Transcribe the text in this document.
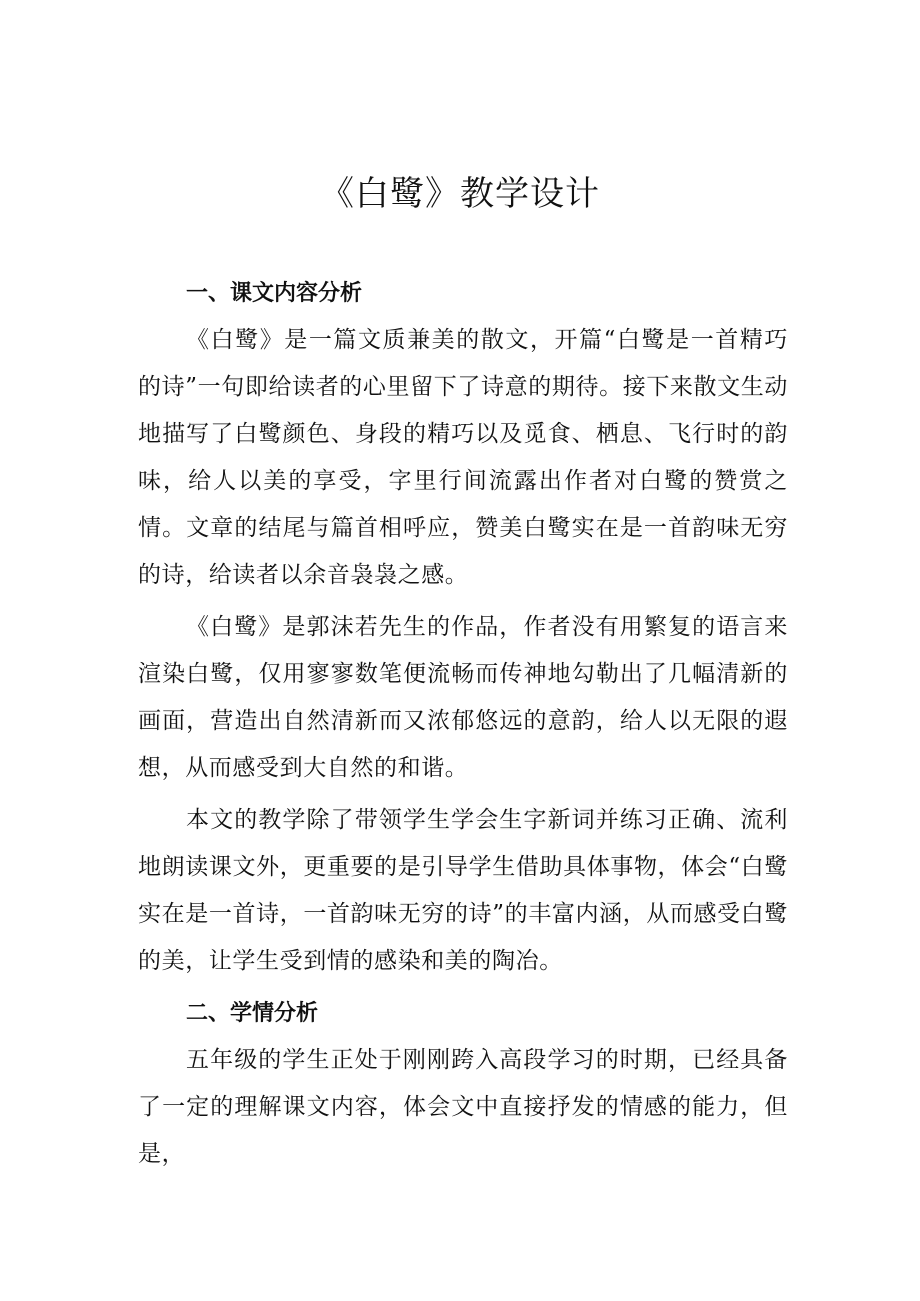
《白鹭》教学设计
一、课文内容分析

《白鹭》是一篇文质兼美的散文，开篇“白鹭是一首精巧的诗”一句即给读者的心里留下了诗意的期待。接下来散文生动地描写了白鹭颜色、身段的精巧以及觅食、栖息、飞行时的韵味，给人以美的享受，字里行间流露出作者对白鹭的赞赏之情。文章的结尾与篇首相呼应，赞美白鹭实在是一首韵味无穷的诗，给读者以余音袅袅之感。

《白鹭》是郭沫若先生的作品，作者没有用繁复的语言来渲染白鹭，仅用寥寥数笔便流畅而传神地勾勒出了几幅清新的画面，营造出自然清新而又浓郁悠远的意韵，给人以无限的遐想，从而感受到大自然的和谐。

本文的教学除了带领学生学会生字新词并练习正确、流利地朗读课文外，更重要的是引导学生借助具体事物，体会“白鹭实在是一首诗，一首韵味无穷的诗”的丰富内涵，从而感受白鹭的美，让学生受到情的感染和美的陶冶。

二、学情分析

五年级的学生正处于刚刚跨入高段学习的时期，已经具备了一定的理解课文内容，体会文中直接抒发的情感的能力，但是，
